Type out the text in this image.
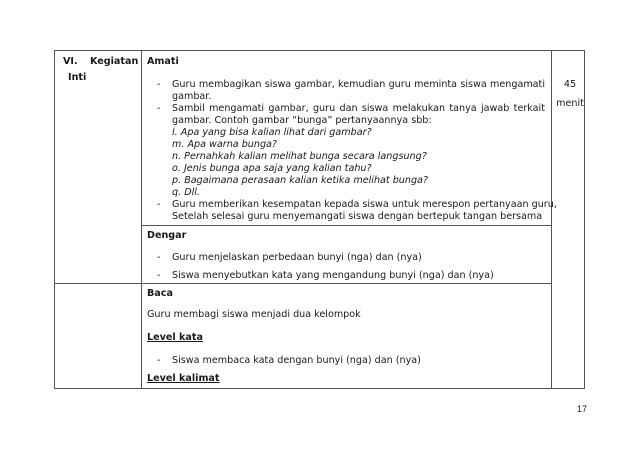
VI. Kegiatan
Inti
45
menit
Amati
- Guru membagikan siswa gambar, kemudian guru meminta siswa mengamati
gambar.
- Sambil mengamati gambar, guru dan siswa melakukan tanya jawab terkait
gambar. Contoh gambar “bunga” pertanyaannya sbb:
l. Apa yang bisa kalian lihat dari gambar?
m. Apa warna bunga?
n. Pernahkah kalian melihat bunga secara langsung?
o. Jenis bunga apa saja yang kalian tahu?
p. Bagaimana perasaan kalian ketika melihat bunga?
q. Dll.
- Guru memberikan kesempatan kepada siswa untuk merespon pertanyaan guru,
Setelah selesai guru menyemangati siswa dengan bertepuk tangan bersama
Dengar
- Guru menjelaskan perbedaan bunyi (nga) dan (nya)
- Siswa menyebutkan kata yang mengandung bunyi (nga) dan (nya)
Baca
Guru membagi siswa menjadi dua kelompok
Level kata
- Siswa membaca kata dengan bunyi (nga) dan (nya)
Level kalimat
17
